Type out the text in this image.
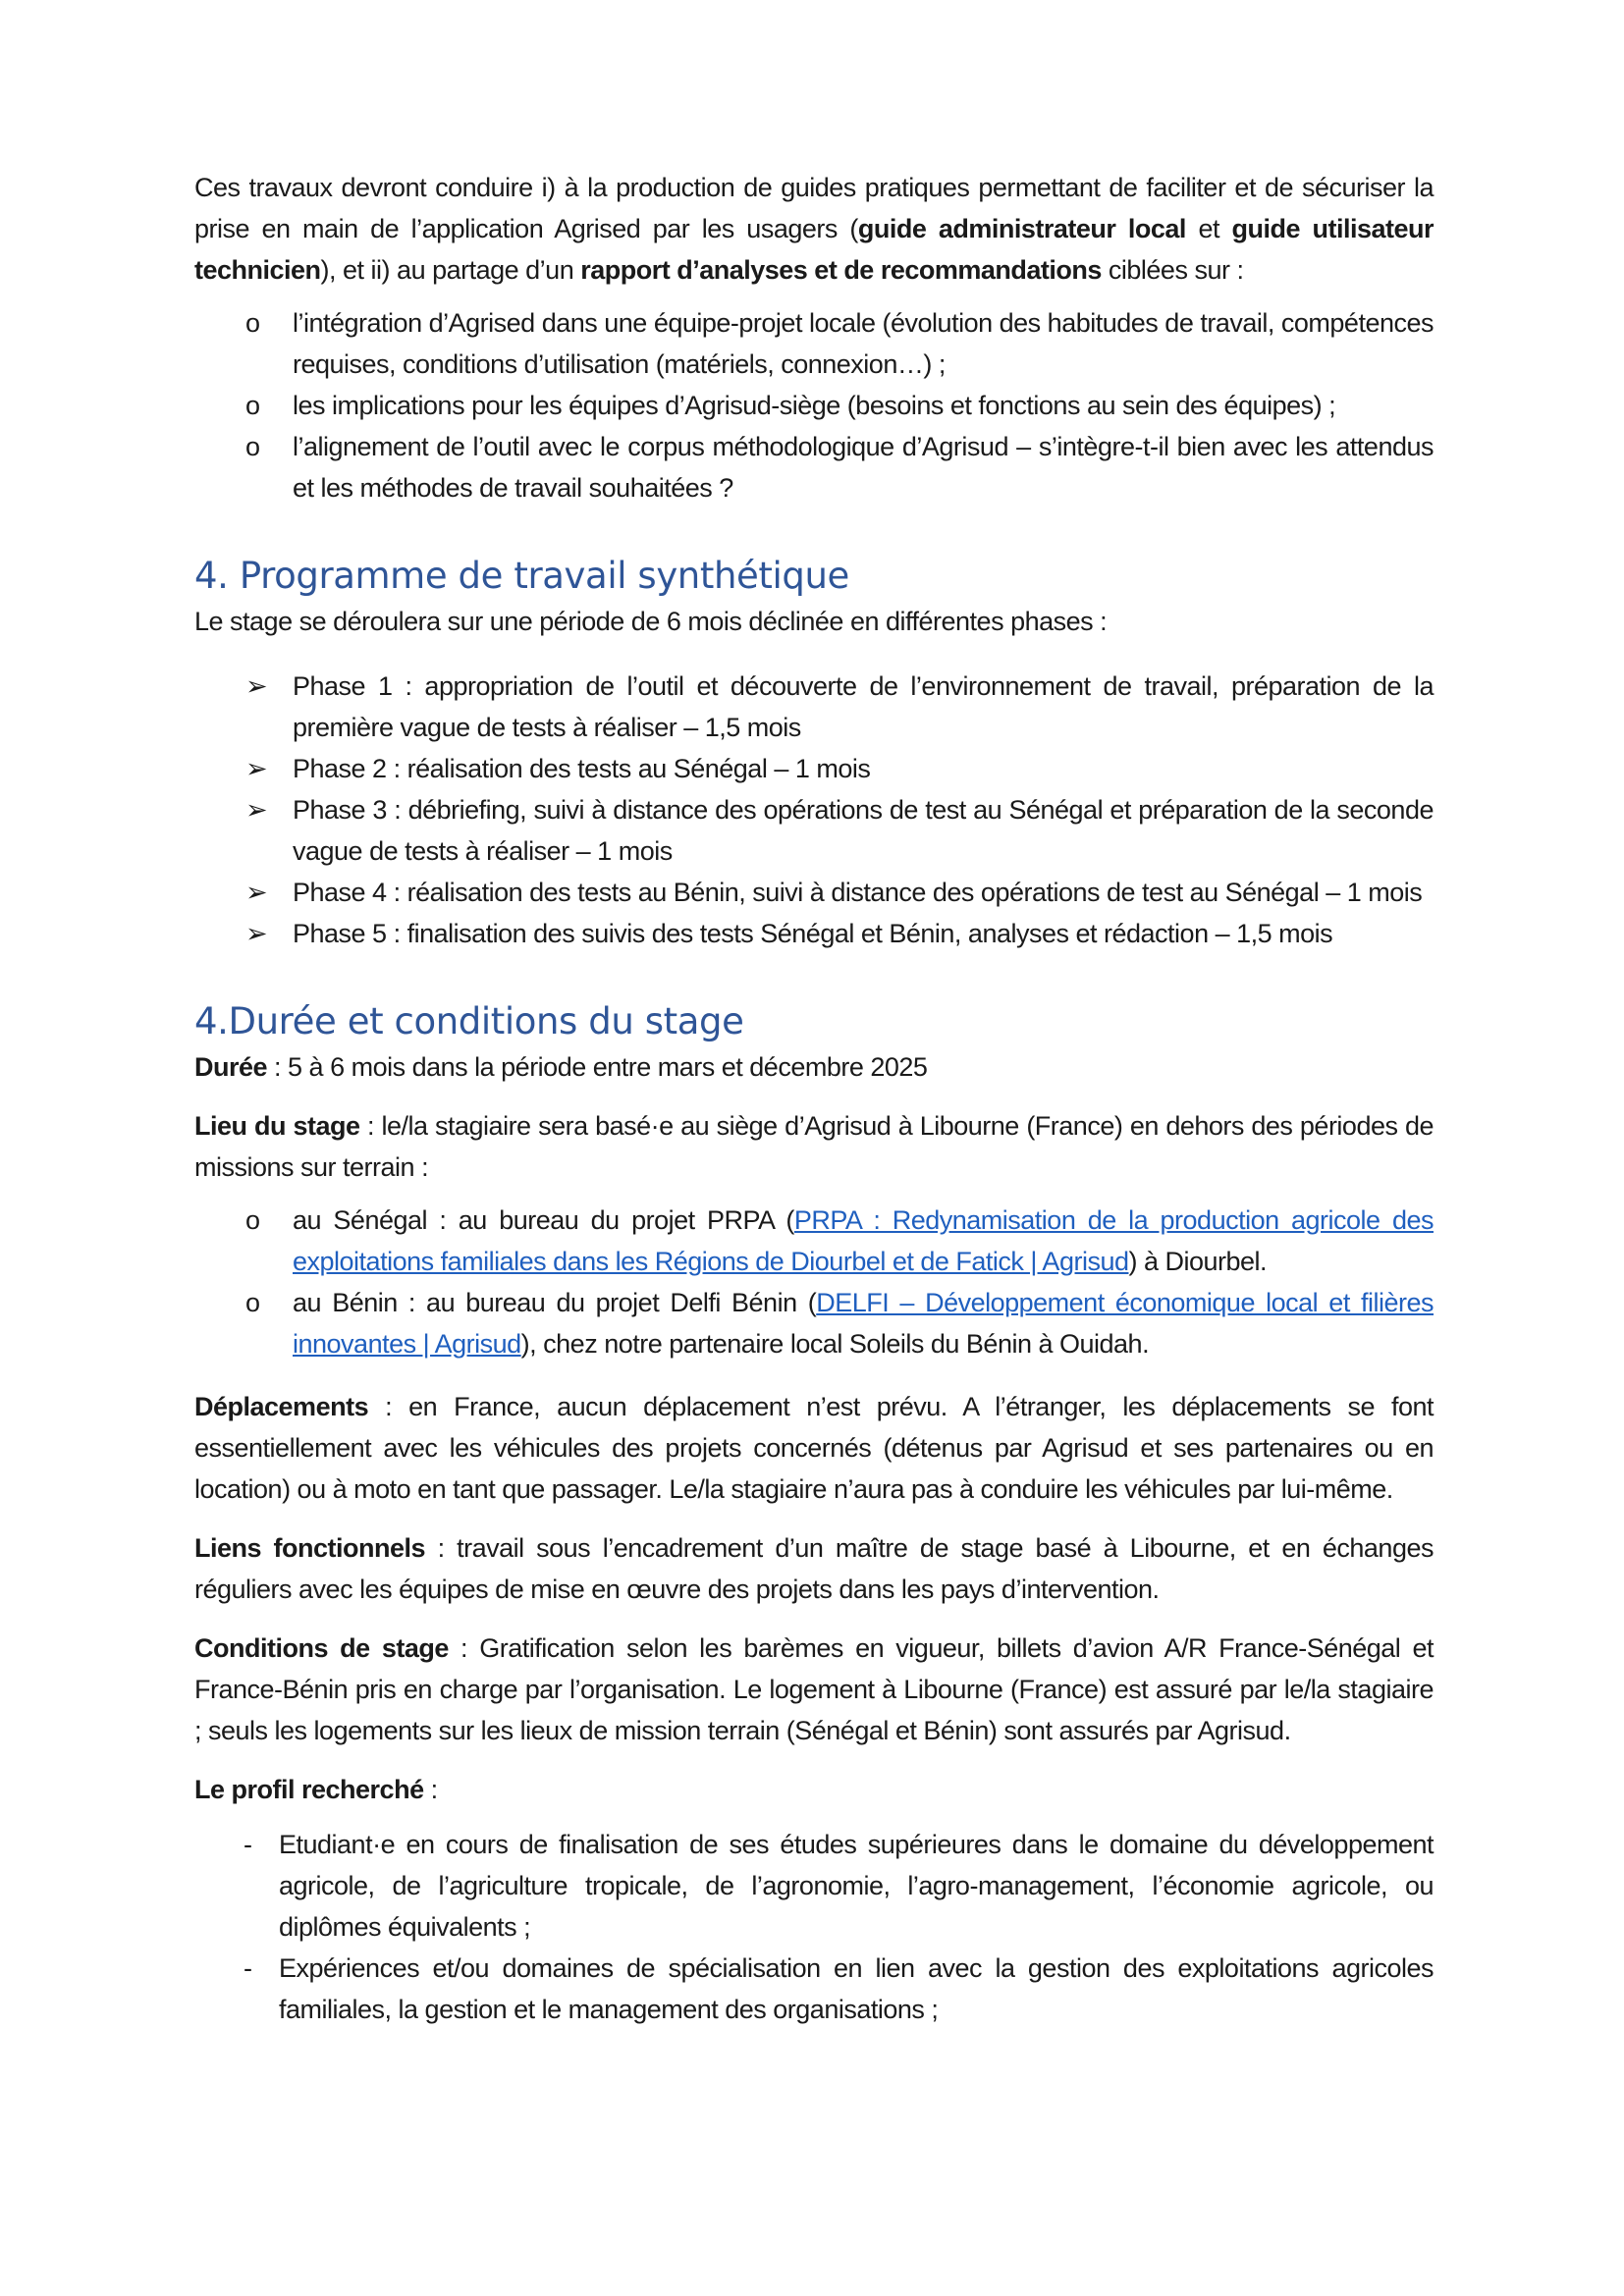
Ces travaux devront conduire i) à la production de guides pratiques permettant de faciliter et de sécuriser la prise en main de l’application Agrised par les usagers (guide administrateur local et guide utilisateur technicien), et ii) au partage d’un rapport d’analyses et de recommandations ciblées sur :

o l’intégration d’Agrised dans une équipe-projet locale (évolution des habitudes de travail, compétences requises, conditions d’utilisation (matériels, connexion…) ;
o les implications pour les équipes d’Agrisud-siège (besoins et fonctions au sein des équipes) ;
o l’alignement de l’outil avec le corpus méthodologique d’Agrisud – s’intègre-t-il bien avec les attendus et les méthodes de travail souhaitées ?
4. Programme de travail synthétique

Le stage se déroulera sur une période de 6 mois déclinée en différentes phases :

➢ Phase 1 : appropriation de l’outil et découverte de l’environnement de travail, préparation de la première vague de tests à réaliser – 1,5 mois
➢ Phase 2 : réalisation des tests au Sénégal – 1 mois
➢ Phase 3 : débriefing, suivi à distance des opérations de test au Sénégal et préparation de la seconde vague de tests à réaliser – 1 mois
➢ Phase 4 : réalisation des tests au Bénin, suivi à distance des opérations de test au Sénégal – 1 mois
➢ Phase 5 : finalisation des suivis des tests Sénégal et Bénin, analyses et rédaction – 1,5 mois
4.Durée et conditions du stage

Durée : 5 à 6 mois dans la période entre mars et décembre 2025

Lieu du stage : le/la stagiaire sera basé·e au siège d’Agrisud à Libourne (France) en dehors des périodes de missions sur terrain :

o au Sénégal : au bureau du projet PRPA (PRPA : Redynamisation de la production agricole des exploitations familiales dans les Régions de Diourbel et de Fatick | Agrisud) à Diourbel.
o au Bénin : au bureau du projet Delfi Bénin (DELFI – Développement économique local et filières innovantes | Agrisud), chez notre partenaire local Soleils du Bénin à Ouidah.

Déplacements : en France, aucun déplacement n’est prévu. A l’étranger, les déplacements se font essentiellement avec les véhicules des projets concernés (détenus par Agrisud et ses partenaires ou en location) ou à moto en tant que passager. Le/la stagiaire n’aura pas à conduire les véhicules par lui-même.

Liens fonctionnels : travail sous l’encadrement d’un maître de stage basé à Libourne, et en échanges réguliers avec les équipes de mise en œuvre des projets dans les pays d’intervention.

Conditions de stage : Gratification selon les barèmes en vigueur, billets d’avion A/R France-Sénégal et France-Bénin pris en charge par l’organisation. Le logement à Libourne (France) est assuré par le/la stagiaire ; seuls les logements sur les lieux de mission terrain (Sénégal et Bénin) sont assurés par Agrisud.

Le profil recherché :

- Etudiant·e en cours de finalisation de ses études supérieures dans le domaine du développement agricole, de l’agriculture tropicale, de l’agronomie, l’agro-management, l’économie agricole, ou diplômes équivalents ;
- Expériences et/ou domaines de spécialisation en lien avec la gestion des exploitations agricoles familiales, la gestion et le management des organisations ;
